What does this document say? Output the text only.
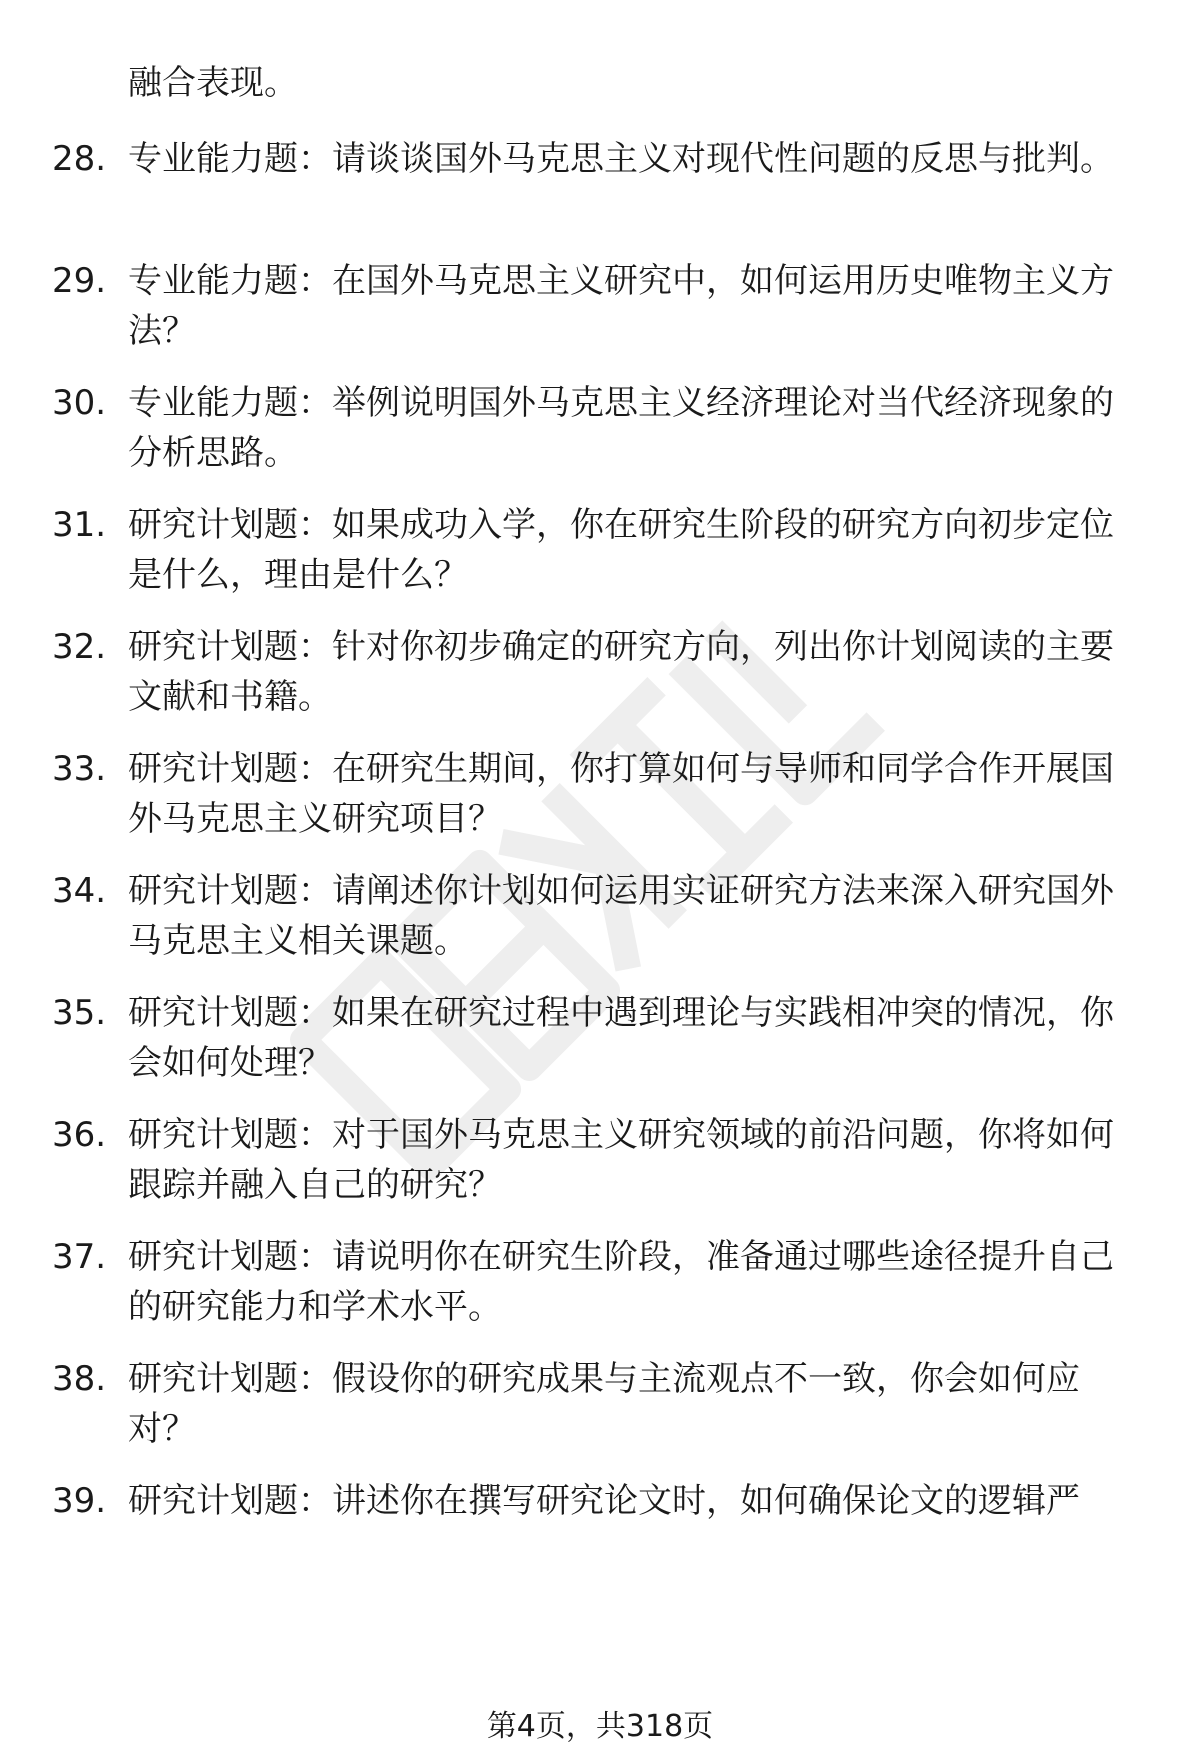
融合表现。
28. 专业能力题：请谈谈国外马克思主义对现代性问题的反思与批判。
29. 专业能力题：在国外马克思主义研究中，如何运用历史唯物主义方法？
30. 专业能力题：举例说明国外马克思主义经济理论对当代经济现象的分析思路。
31. 研究计划题：如果成功入学，你在研究生阶段的研究方向初步定位是什么，理由是什么？
32. 研究计划题：针对你初步确定的研究方向，列出你计划阅读的主要文献和书籍。
33. 研究计划题：在研究生期间，你打算如何与导师和同学合作开展国外马克思主义研究项目？
34. 研究计划题：请阐述你计划如何运用实证研究方法来深入研究国外马克思主义相关课题。
35. 研究计划题：如果在研究过程中遇到理论与实践相冲突的情况，你会如何处理？
36. 研究计划题：对于国外马克思主义研究领域的前沿问题，你将如何跟踪并融入自己的研究？
37. 研究计划题：请说明你在研究生阶段，准备通过哪些途径提升自己的研究能力和学术水平。
38. 研究计划题：假设你的研究成果与主流观点不一致，你会如何应对？
39. 研究计划题：讲述你在撰写研究论文时，如何确保论文的逻辑严
第4页，共318页
